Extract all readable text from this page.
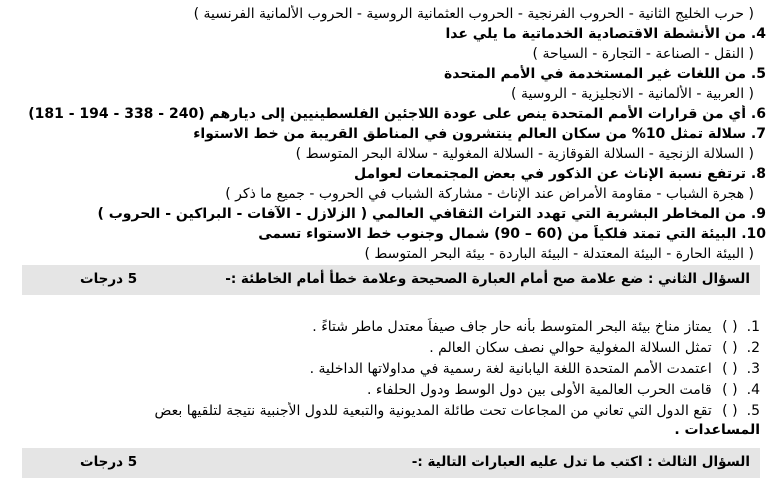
( حرب الخليج الثانية - الحروب الفرنجية - الحروب العثمانية الروسية - الحروب الألمانية الفرنسية )
4. من الأنشطة الاقتصادية الخدماتية ما يلي عدا
( النقل - الصناعة - التجارة - السياحة )
5. من اللغات غير المستخدمة في الأمم المتحدة
( العربية - الألمانية - الانجليزية - الروسية )
6. أي من قرارات الأمم المتحدة ينص على عودة اللاجئين الفلسطينيين إلى ديارهم (240 - 338 - 194 - 181)
7. سلالة تمثل 10% من سكان العالم ينتشرون في المناطق القريبة من خط الاستواء
( السلالة الزنجية - السلالة القوقازية - السلالة المغولية - سلالة البحر المتوسط )
8. ترتفع نسبة الإناث عن الذكور في بعض المجتمعات لعوامل
( هجرة الشباب - مقاومة الأمراض عند الإناث - مشاركة الشباب في الحروب - جميع ما ذكر )
9. من المخاطر البشرية التي تهدد التراث الثقافي العالمي ( الزلازل - الآفات - البراكين - الحروب )
10. البيئة التي تمتد فلكياً من (60 – 90) شمال وجنوب خط الاستواء تسمى
( البيئة الحارة - البيئة المعتدلة - البيئة الباردة - بيئة البحر المتوسط )
السؤال الثاني : ضع علامة صح أمام العبارة الصحيحة وعلامة خطأ أمام الخاطئة :-
5 درجات
1. ( ) يمتاز مناخ بيئة البحر المتوسط بأنه حار جاف صيفاً معتدل ماطر شتاءً .
2. ( ) تمثل السلالة المغولية حوالي نصف سكان العالم .
3. ( ) اعتمدت الأمم المتحدة اللغة اليابانية لغة رسمية في مداولاتها الداخلية .
4. ( ) قامت الحرب العالمية الأولى بين دول الوسط ودول الحلفاء .
5. ( ) تقع الدول التي تعاني من المجاعات تحت طائلة المديونية والتبعية للدول الأجنبية نتيجة لتلقيها بعض
المساعدات .
السؤال الثالث : اكتب ما تدل عليه العبارات التالية :-
5 درجات
